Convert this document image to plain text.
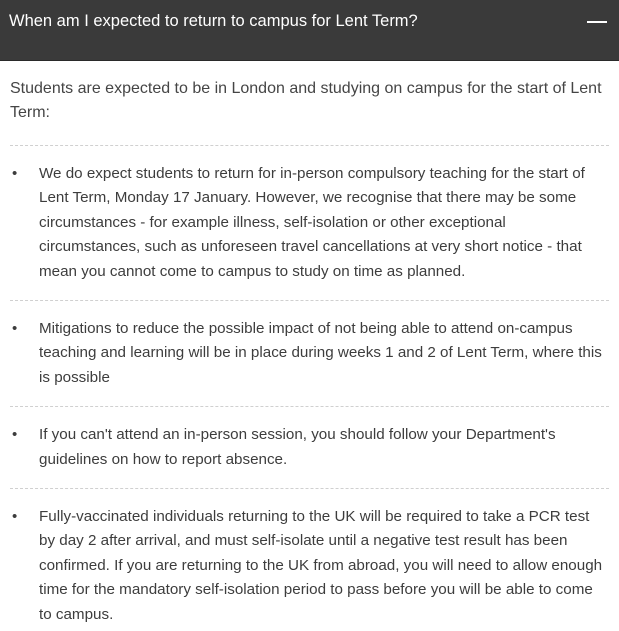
When am I expected to return to campus for Lent Term?

Students are expected to be in London and studying on campus for the start of Lent Term:

• We do expect students to return for in-person compulsory teaching for the start of Lent Term, Monday 17 January. However, we recognise that there may be some circumstances - for example illness, self-isolation or other exceptional circumstances, such as unforeseen travel cancellations at very short notice - that mean you cannot come to campus to study on time as planned.
• Mitigations to reduce the possible impact of not being able to attend on-campus teaching and learning will be in place during weeks 1 and 2 of Lent Term, where this is possible
• If you can't attend an in-person session, you should follow your Department's guidelines on how to report absence.
• Fully-vaccinated individuals returning to the UK will be required to take a PCR test by day 2 after arrival, and must self-isolate until a negative test result has been confirmed. If you are returning to the UK from abroad, you will need to allow enough time for the mandatory self-isolation period to pass before you will be able to come to campus.
